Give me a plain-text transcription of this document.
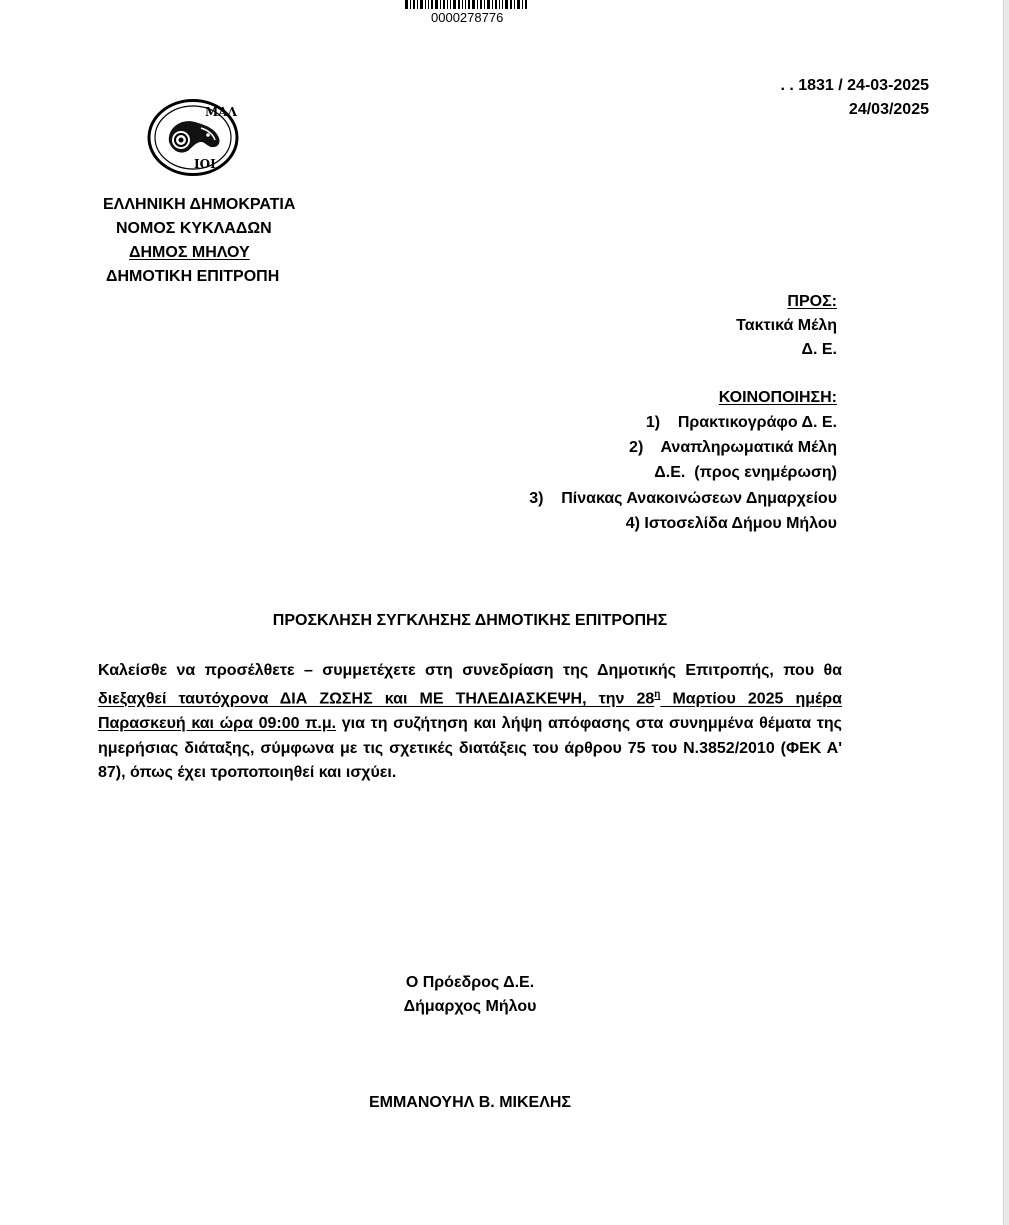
0000278776
. . 1831 / 24-03-2025
24/03/2025
ΜΑΛ
ΙΟΙ
ΕΛΛΗΝΙΚΗ ΔΗΜΟΚΡΑΤΙΑ
ΝΟΜΟΣ ΚΥΚΛΑΔΩΝ
ΔΗΜΟΣ ΜΗΛΟΥ
ΔΗΜΟΤΙΚΗ ΕΠΙΤΡΟΠΗ
ΠΡΟΣ:
Τακτικά Μέλη
Δ. Ε.
ΚΟΙΝΟΠΟΙΗΣΗ:
1)    Πρακτικογράφο Δ. Ε.
2)    Αναπληρωματικά Μέλη
Δ.Ε.  (προς ενημέρωση)
3)    Πίνακας Ανακοινώσεων Δημαρχείου
4) Ιστοσελίδα Δήμου Μήλου
ΠΡΟΣΚΛΗΣΗ ΣΥΓΚΛΗΣΗΣ ΔΗΜΟΤΙΚΗΣ ΕΠΙΤΡΟΠΗΣ
Καλείσθε να προσέλθετε – συμμετέχετε στη συνεδρίαση της Δημοτικής Επιτροπής, που θα διεξαχθεί ταυτόχρονα ΔΙΑ ΖΩΣΗΣ και ΜΕ ΤΗΛΕΔΙΑΣΚΕΨΗ, την $28^\eta$ Μαρτίου 2025 ημέρα Παρασκευή και ώρα 09:00 π.μ. για τη συζήτηση και λήψη απόφασης στα συνημμένα θέματα της ημερήσιας διάταξης, σύμφωνα με τις σχετικές διατάξεις του άρθρου 75 του Ν.3852/2010 (ΦΕΚ Α' 87), όπως έχει τροποποιηθεί και ισχύει.
Ο Πρόεδρος Δ.Ε.
Δήμαρχος Μήλου
ΕΜΜΑΝΟΥΗΛ Β. ΜΙΚΕΛΗΣ
